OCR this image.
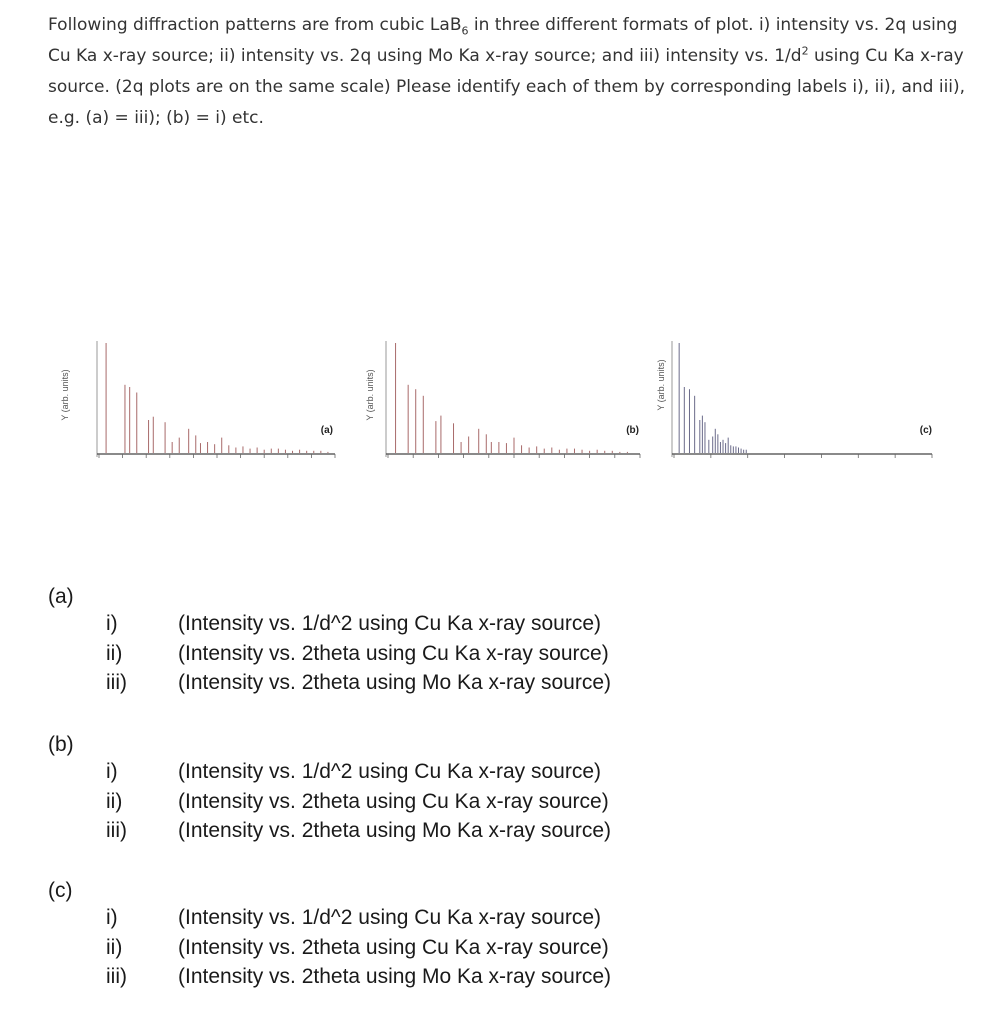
Following diffraction patterns are from cubic LaB$_6$ in three different formats of plot. i) intensity vs. 2q using Cu Ka x-ray source; ii) intensity vs. 2q using Mo Ka x-ray source; and iii) intensity vs. $1/d^2$ using Cu Ka x-ray source. (2q plots are on the same scale) Please identify each of them by corresponding labels i), ii), and iii), e.g. (a) = iii); (b) = i) etc.

Y (arb. units)
(a)
Y (arb. units)
(b)
Y (arb. units)
(c)
(a)
i)	(Intensity vs. 1/d^2 using Cu Ka x-ray source)
ii)	(Intensity vs. 2theta using Cu Ka x-ray source)
iii) (Intensity vs. 2theta using Mo Ka x-ray source)
(b)
i)	(Intensity vs. 1/d^2 using Cu Ka x-ray source)
ii)	(Intensity vs. 2theta using Cu Ka x-ray source)
iii) (Intensity vs. 2theta using Mo Ka x-ray source)
(c)
i)	(Intensity vs. 1/d^2 using Cu Ka x-ray source)
ii)	(Intensity vs. 2theta using Cu Ka x-ray source)
iii) (Intensity vs. 2theta using Mo Ka x-ray source)
